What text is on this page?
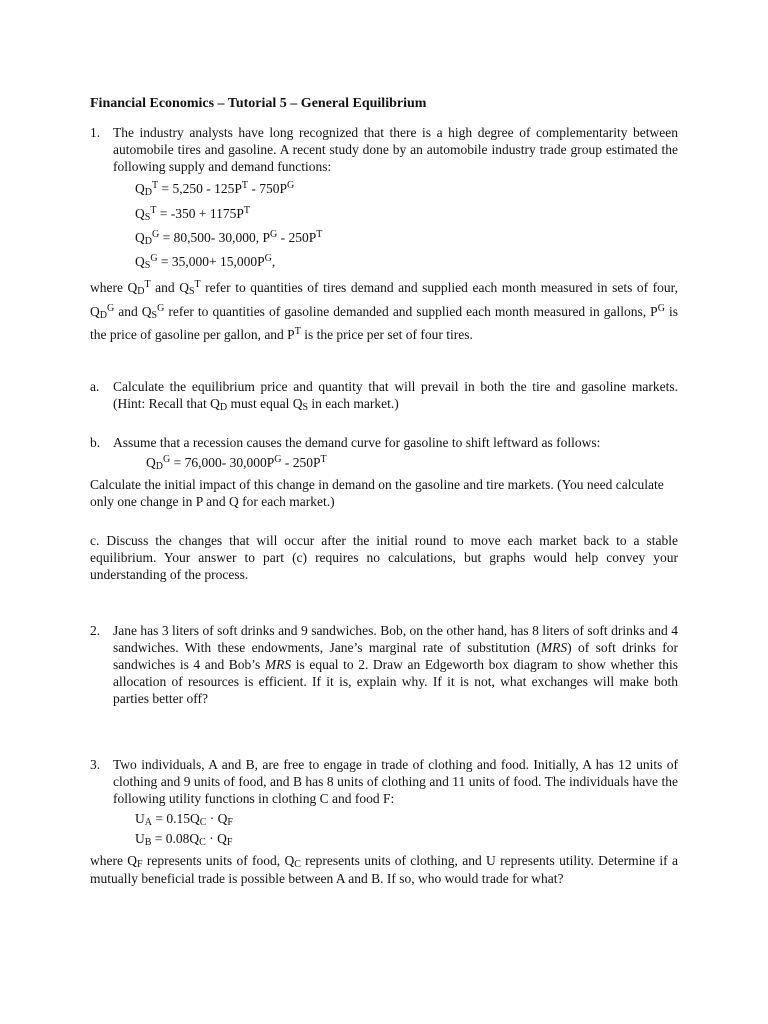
Financial Economics – Tutorial 5 – General Equilibrium
1. The industry analysts have long recognized that there is a high degree of complementarity between automobile tires and gasoline. A recent study done by an automobile industry trade group estimated the following supply and demand functions:
$Q_D^T = 5,250 - 125P^T - 750P^G$
$Q_S^T = -350 + 1175P^T$
$Q_D^G = 80,500-$ 30,000, $P^G - 250P^T$
$Q_S^G = 35,000+ 15,000P^G$,
where $Q_D^T$ and $Q_S^T$ refer to quantities of tires demand and supplied each month measured in sets of four, $Q_D^G$ and $Q_S^G$ refer to quantities of gasoline demanded and supplied each month measured in gallons, $P^G$ is the price of gasoline per gallon, and $P^T$ is the price per set of four tires.
a. Calculate the equilibrium price and quantity that will prevail in both the tire and gasoline markets. (Hint: Recall that $Q_D$ must equal $Q_S$ in each market.)
b. Assume that a recession causes the demand curve for gasoline to shift leftward as follows:
$Q_D^G = 76,000-$ $30,000P^G - 250P^T$
Calculate the initial impact of this change in demand on the gasoline and tire markets. (You need calculate only one change in P and Q for each market.)
c. Discuss the changes that will occur after the initial round to move each market back to a stable equilibrium. Your answer to part (c) requires no calculations, but graphs would help convey your understanding of the process.
2. Jane has 3 liters of soft drinks and 9 sandwiches. Bob, on the other hand, has 8 liters of soft drinks and 4 sandwiches. With these endowments, Jane’s marginal rate of substitution (MRS) of soft drinks for sandwiches is 4 and Bob’s MRS is equal to 2. Draw an Edgeworth box diagram to show whether this allocation of resources is efficient. If it is, explain why. If it is not, what exchanges will make both parties better off?
3. Two individuals, A and B, are free to engage in trade of clothing and food. Initially, A has 12 units of clothing and 9 units of food, and B has 8 units of clothing and 11 units of food. The individuals have the following utility functions in clothing C and food F:
$U_A = 0.15Q_C \cdot Q_F$
$U_B = 0.08Q_C \cdot Q_F$
where $Q_F$ represents units of food, $Q_C$ represents units of clothing, and U represents utility. Determine if a mutually beneficial trade is possible between A and B. If so, who would trade for what?
